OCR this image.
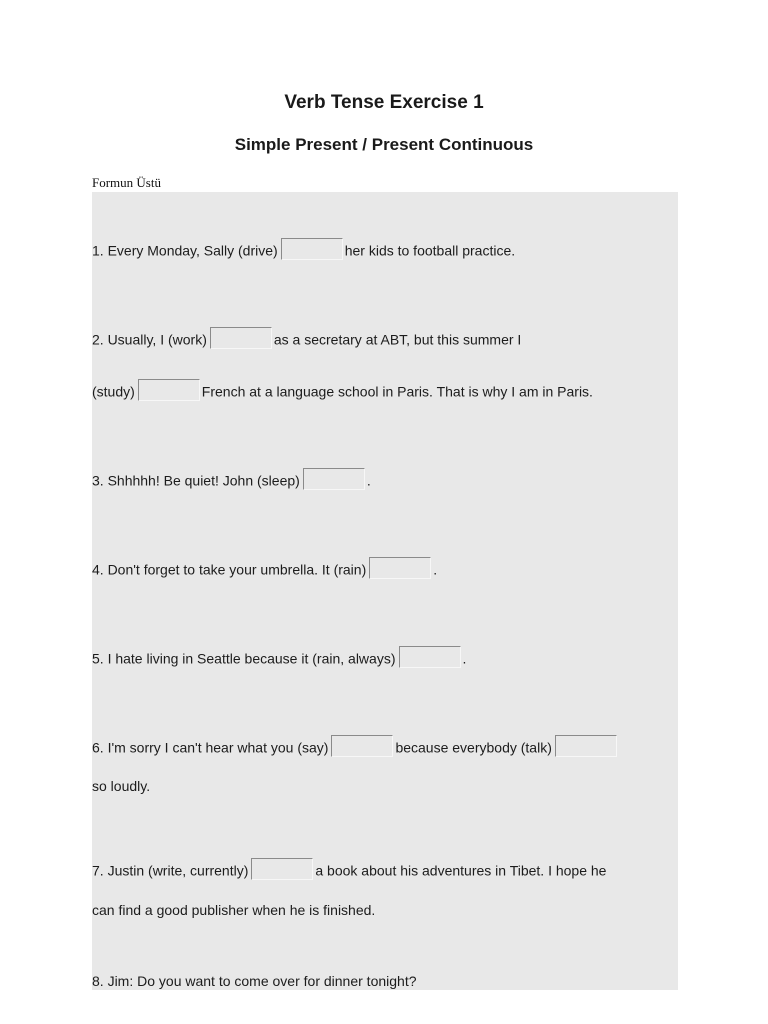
Verb Tense Exercise 1
Simple Present / Present Continuous
Formun Üstü
1. Every Monday, Sally (drive)	her kids to football practice.
2. Usually, I (work)	as a secretary at ABT, but this summer I
(study)	French at a language school in Paris. That is why I am in Paris.
3. Shhhhh! Be quiet! John (sleep)	.
4. Don't forget to take your umbrella. It (rain)	.
5. I hate living in Seattle because it (rain, always)	.
6. I'm sorry I can't hear what you (say)	because everybody (talk)
so loudly.
7. Justin (write, currently)	a book about his adventures in Tibet. I hope he
can find a good publisher when he is finished.
8. Jim: Do you want to come over for dinner tonight?
